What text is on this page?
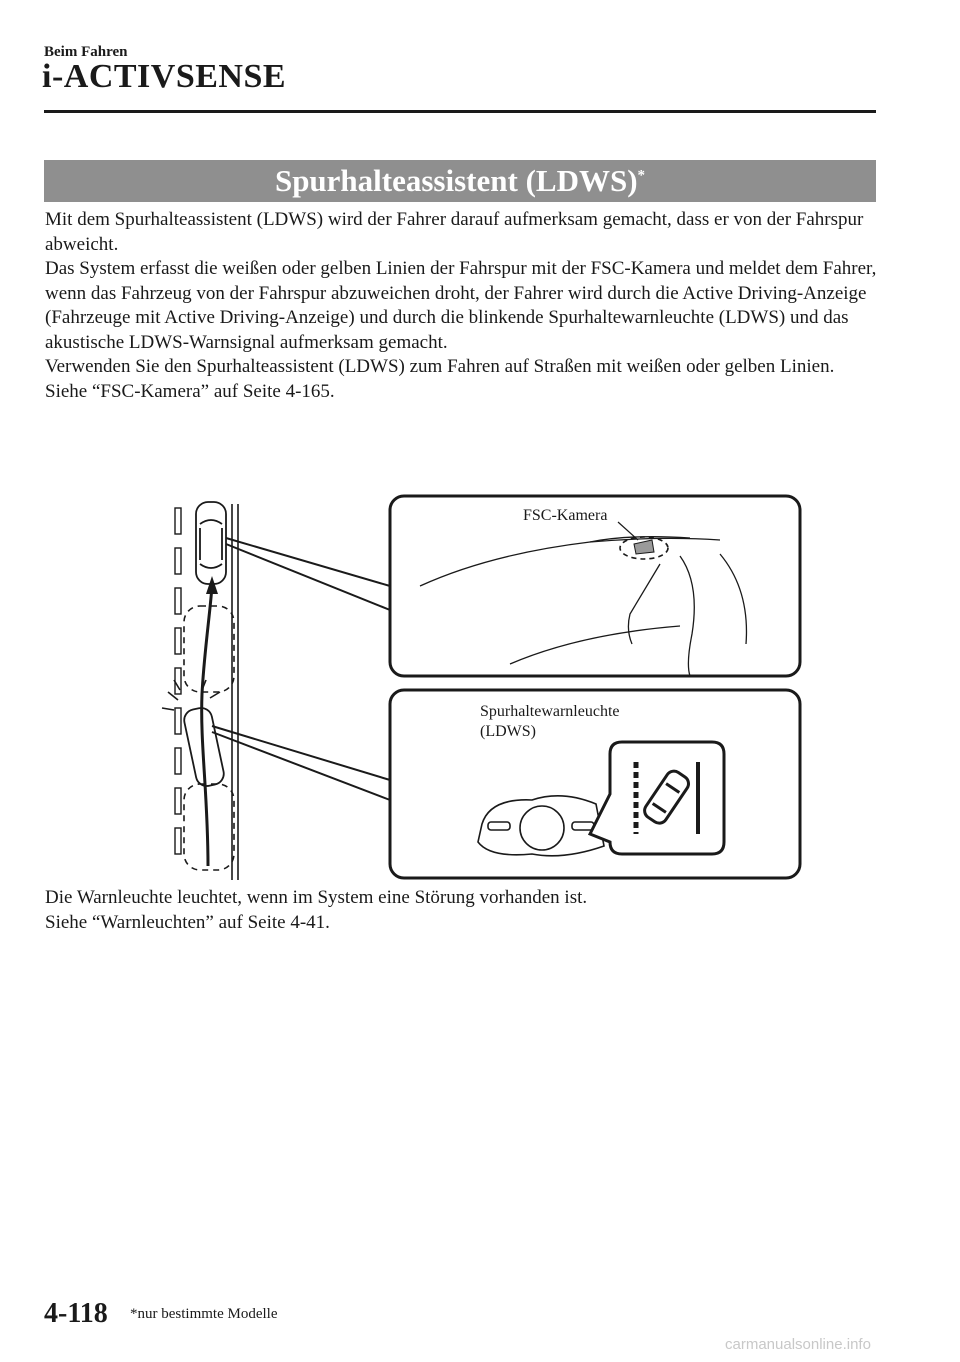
Beim Fahren
i-ACTIVSENSE
Spurhalteassistent (LDWS)*

Mit dem Spurhalteassistent (LDWS) wird der Fahrer darauf aufmerksam gemacht, dass er von der Fahrspur abweicht.

Das System erfasst die weißen oder gelben Linien der Fahrspur mit der FSC-Kamera und meldet dem Fahrer, wenn das Fahrzeug von der Fahrspur abzuweichen droht, der Fahrer wird durch die Active Driving-Anzeige (Fahrzeuge mit Active Driving-Anzeige) und durch die blinkende Spurhaltewarnleuchte (LDWS) und das akustische LDWS-Warnsignal aufmerksam gemacht.

Verwenden Sie den Spurhalteassistent (LDWS) zum Fahren auf Straßen mit weißen oder gelben Linien.

Siehe “FSC-Kamera” auf Seite 4-165.

FSC-Kamera
Spurhaltewarnleuchte
(LDWS)

Die Warnleuchte leuchtet, wenn im System eine Störung vorhanden ist.

Siehe “Warnleuchten” auf Seite 4-41.

4-118 *nur bestimmte Modelle
carmanualsonline.info
